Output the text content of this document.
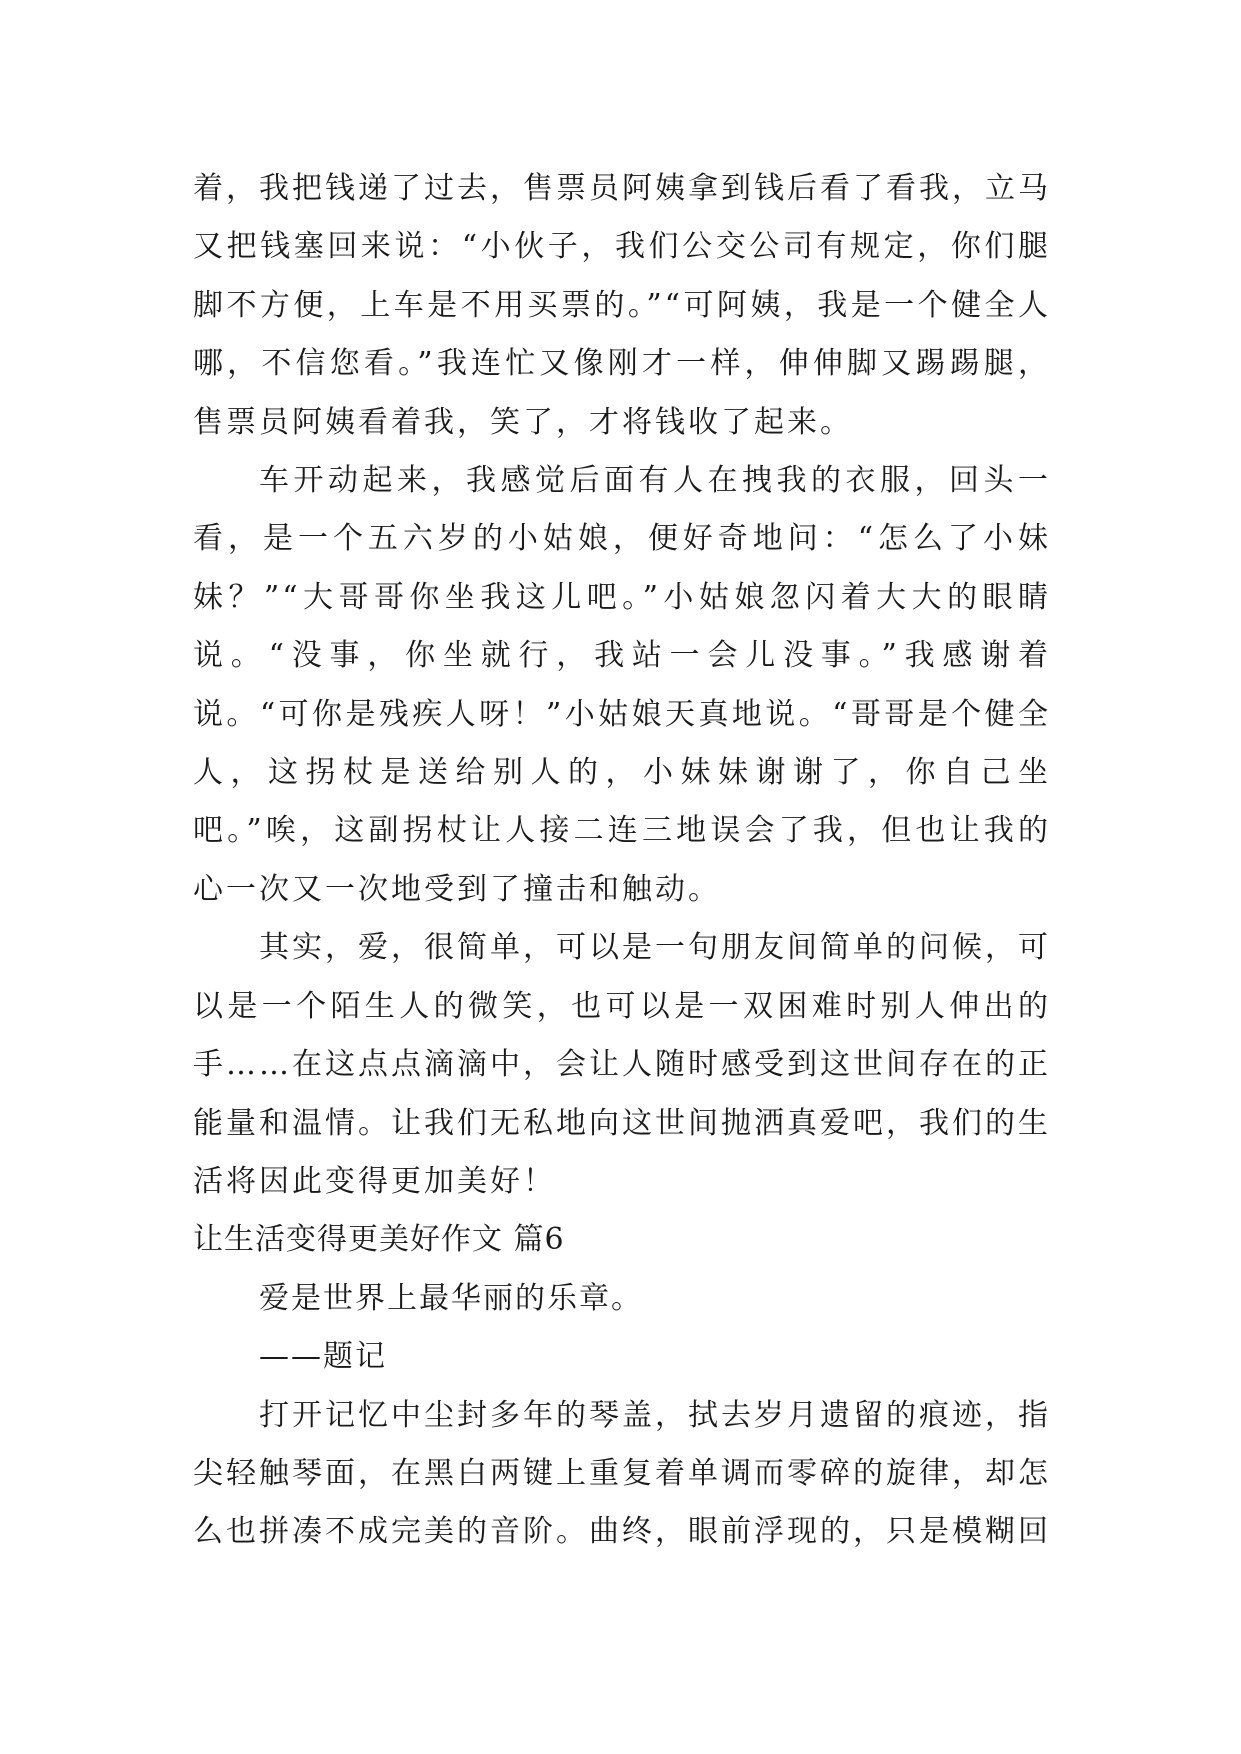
着，我把钱递了过去，售票员阿姨拿到钱后看了看我，立马又把钱塞回来说：“小伙子，我们公交公司有规定，你们腿脚不方便，上车是不用买票的。”“可阿姨，我是一个健全人哪，不信您看。”我连忙又像刚才一样，伸伸脚又踢踢腿，售票员阿姨看着我，笑了，才将钱收了起来。

车开动起来，我感觉后面有人在拽我的衣服，回头一看，是一个五六岁的小姑娘，便好奇地问：“怎么了小妹妹？”“大哥哥你坐我这儿吧。”小姑娘忽闪着大大的眼睛说。“没事，你坐就行，我站一会儿没事。”我感谢着说。“可你是残疾人呀！”小姑娘天真地说。“哥哥是个健全人，这拐杖是送给别人的，小妹妹谢谢了，你自己坐吧。”唉，这副拐杖让人接二连三地误会了我，但也让我的心一次又一次地受到了撞击和触动。

其实，爱，很简单，可以是一句朋友间简单的问候，可以是一个陌生人的微笑，也可以是一双困难时别人伸出的手……在这点点滴滴中，会让人随时感受到这世间存在的正能量和温情。让我们无私地向这世间抛洒真爱吧，我们的生活将因此变得更加美好！

让生活变得更美好作文 篇6

爱是世界上最华丽的乐章。

——题记

打开记忆中尘封多年的琴盖，拭去岁月遗留的痕迹，指尖轻触琴面，在黑白两键上重复着单调而零碎的旋律，却怎么也拼凑不成完美的音阶。曲终，眼前浮现的，只是模糊回
